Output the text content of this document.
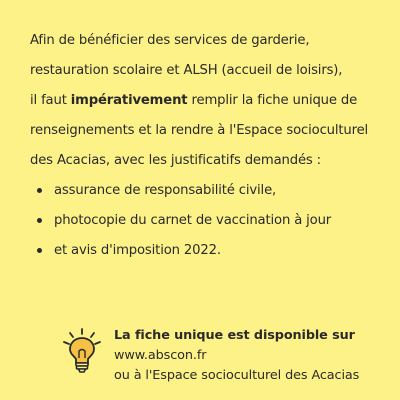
Afin de bénéficier des services de garderie,

restauration scolaire et ALSH (accueil de loisirs),

il faut impérativement remplir la fiche unique de

renseignements et la rendre à l'Espace socioculturel

des Acacias, avec les justificatifs demandés :

assurance de responsabilité civile,
photocopie du carnet de vaccination à jour
et avis d'imposition 2022.
La fiche unique est disponible sur
www.abscon.fr
ou à l'Espace socioculturel des Acacias
